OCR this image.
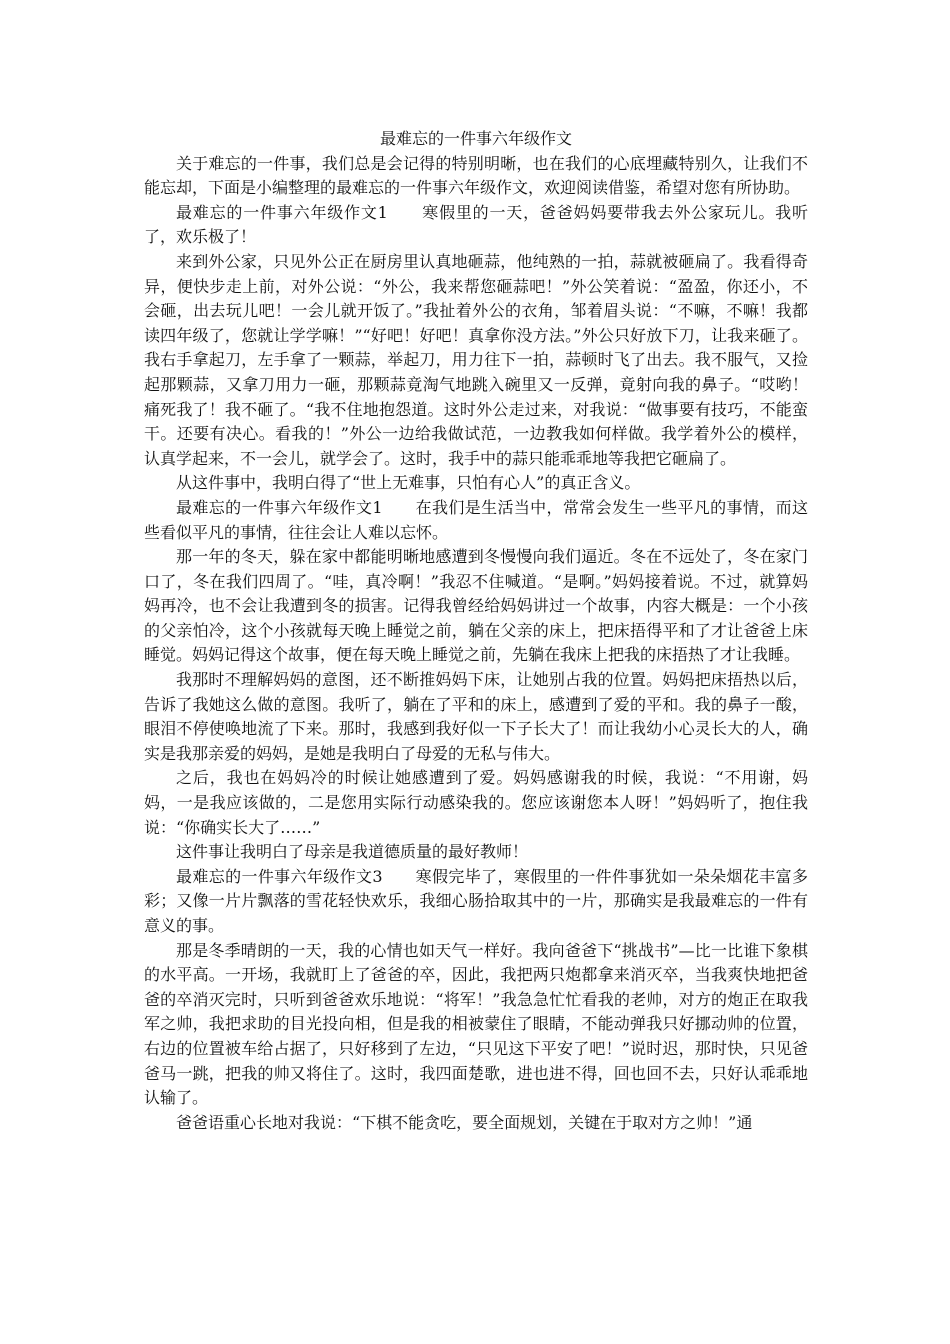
最难忘的一件事六年级作文

关于难忘的一件事，我们总是会记得的特别明晰，也在我们的心底埋藏特别久，让我们不能忘却，下面是小编整理的最难忘的一件事六年级作文，欢迎阅读借鉴，希望对您有所协助。

最难忘的一件事六年级作文1　　寒假里的一天，爸爸妈妈要带我去外公家玩儿。我听了，欢乐极了！

来到外公家，只见外公正在厨房里认真地砸蒜，他纯熟的一拍，蒜就被砸扁了。我看得奇异，便快步走上前，对外公说：“外公，我来帮您砸蒜吧！”外公笑着说：“盈盈，你还小，不会砸，出去玩儿吧！一会儿就开饭了。”我扯着外公的衣角，邹着眉头说：“不嘛，不嘛！我都读四年级了，您就让学学嘛！”“好吧！好吧！真拿你没方法。”外公只好放下刀，让我来砸了。我右手拿起刀，左手拿了一颗蒜，举起刀，用力往下一拍，蒜顿时飞了出去。我不服气，又捡起那颗蒜，又拿刀用力一砸，那颗蒜竟淘气地跳入碗里又一反弹，竟射向我的鼻子。“哎哟！痛死我了！我不砸了。“我不住地抱怨道。这时外公走过来，对我说：“做事要有技巧，不能蛮干。还要有决心。看我的！”外公一边给我做试范，一边教我如何样做。我学着外公的模样，认真学起来，不一会儿，就学会了。这时，我手中的蒜只能乖乖地等我把它砸扁了。

从这件事中，我明白得了“世上无难事，只怕有心人”的真正含义。

最难忘的一件事六年级作文1　　在我们是生活当中，常常会发生一些平凡的事情，而这些看似平凡的事情，往往会让人难以忘怀。

那一年的冬天，躲在家中都能明晰地感遭到冬慢慢向我们逼近。冬在不远处了，冬在家门口了，冬在我们四周了。“哇，真冷啊！”我忍不住喊道。“是啊。”妈妈接着说。不过，就算妈妈再冷，也不会让我遭到冬的损害。记得我曾经给妈妈讲过一个故事，内容大概是：一个小孩的父亲怕冷，这个小孩就每天晚上睡觉之前，躺在父亲的床上，把床捂得平和了才让爸爸上床睡觉。妈妈记得这个故事，便在每天晚上睡觉之前，先躺在我床上把我的床捂热了才让我睡。

我那时不理解妈妈的意图，还不断推妈妈下床，让她别占我的位置。妈妈把床捂热以后，告诉了我她这么做的意图。我听了，躺在了平和的床上，感遭到了爱的平和。我的鼻子一酸，眼泪不停使唤地流了下来。那时，我感到我好似一下子长大了！而让我幼小心灵长大的人，确实是我那亲爱的妈妈，是她是我明白了母爱的无私与伟大。

之后，我也在妈妈冷的时候让她感遭到了爱。妈妈感谢我的时候，我说：“不用谢，妈妈，一是我应该做的，二是您用实际行动感染我的。您应该谢您本人呀！”妈妈听了，抱住我说：“你确实长大了……”

这件事让我明白了母亲是我道德质量的最好教师！

最难忘的一件事六年级作文3　　寒假完毕了，寒假里的一件件事犹如一朵朵烟花丰富多彩；又像一片片飘落的雪花轻快欢乐，我细心肠拾取其中的一片，那确实是我最难忘的一件有意义的事。

那是冬季晴朗的一天，我的心情也如天气一样好。我向爸爸下“挑战书”—比一比谁下象棋的水平高。一开场，我就盯上了爸爸的卒，因此，我把两只炮都拿来消灭卒，当我爽快地把爸爸的卒消灭完时，只听到爸爸欢乐地说：“将军！”我急急忙忙看我的老帅，对方的炮正在取我军之帅，我把求助的目光投向相，但是我的相被蒙住了眼睛，不能动弹我只好挪动帅的位置，右边的位置被车给占据了，只好移到了左边，“只见这下平安了吧！”说时迟，那时快，只见爸爸马一跳，把我的帅又将住了。这时，我四面楚歌，进也进不得，回也回不去，只好认乖乖地认输了。

爸爸语重心长地对我说：“下棋不能贪吃，要全面规划，关键在于取对方之帅！”通
